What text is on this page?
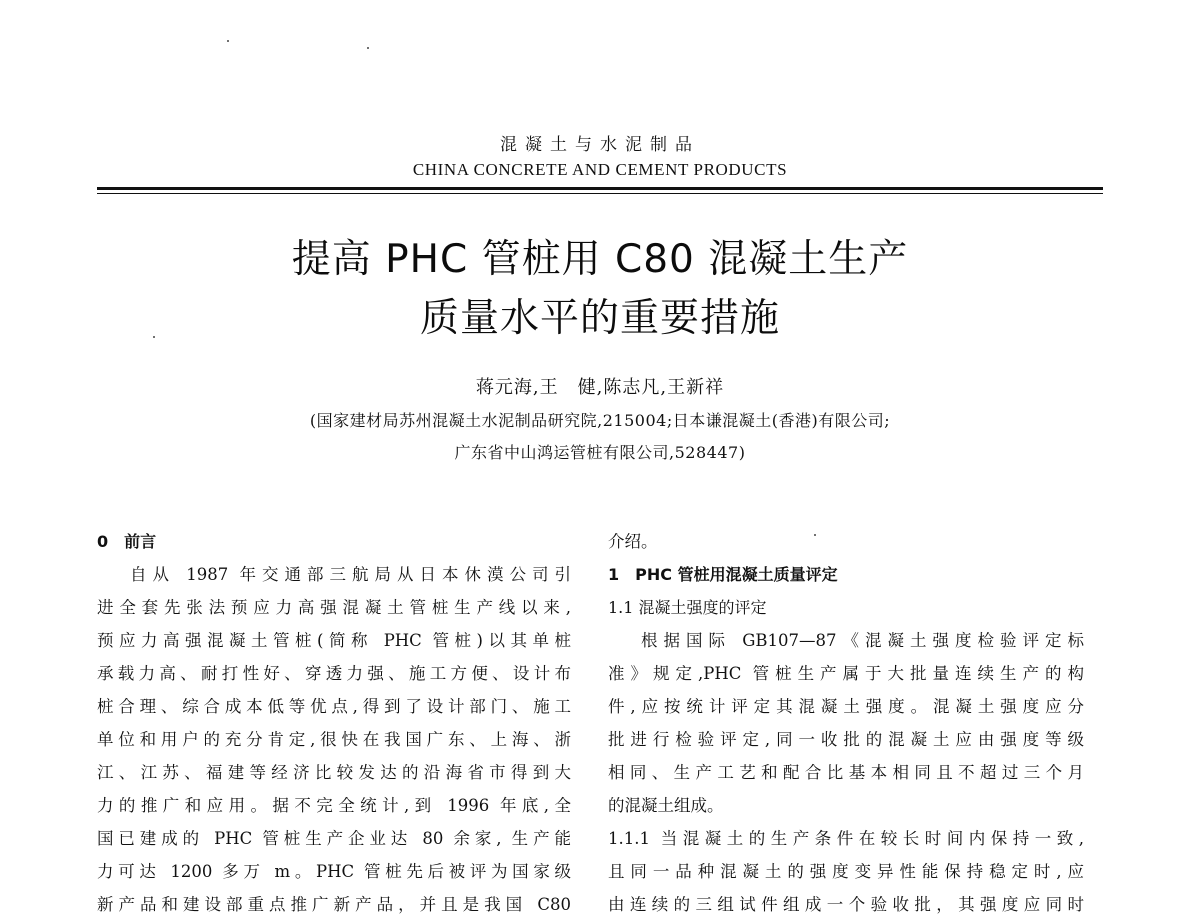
混凝土与水泥制品
CHINA CONCRETE AND CEMENT PRODUCTS
提高 PHC 管桩用 C80 混凝土生产
质量水平的重要措施
蒋元海,王　健,陈志凡,王新祥
(国家建材局苏州混凝土水泥制品研究院,215004;日本谦混凝土(香港)有限公司;
广东省中山鸿运管桩有限公司,528447)
0　前言
自从 1987 年交通部三航局从日本休漠公司引
进全套先张法预应力高强混凝土管桩生产线以来,
预应力高强混凝土管桩(简称 PHC 管桩)以其单桩
承载力高、耐打性好、穿透力强、施工方便、设计布
桩合理、综合成本低等优点,得到了设计部门、施工
单位和用户的充分肯定,很快在我国广东、上海、浙
江、江苏、福建等经济比较发达的沿海省市得到大
力的推广和应用。据不完全统计,到 1996 年底,全
国已建成的 PHC 管桩生产企业达 80 余家, 生产能
力可达 1200 多万 m。PHC 管桩先后被评为国家级
新产品和建设部重点推广新产品，并且是我国 C80
介绍。
1　PHC 管桩用混凝土质量评定
1.1 混凝土强度的评定
根据国际 GB107—87《混凝土强度检验评定标
准》规定,PHC 管桩生产属于大批量连续生产的构
件,应按统计评定其混凝土强度。混凝土强度应分
批进行检验评定,同一收批的混凝土应由强度等级
相同、生产工艺和配合比基本相同且不超过三个月
的混凝土组成。
1.1.1 当混凝土的生产条件在较长时间内保持一致,
且同一品种混凝土的强度变异性能保持稳定时,应
由连续的三组试件组成一个验收批，其强度应同时
